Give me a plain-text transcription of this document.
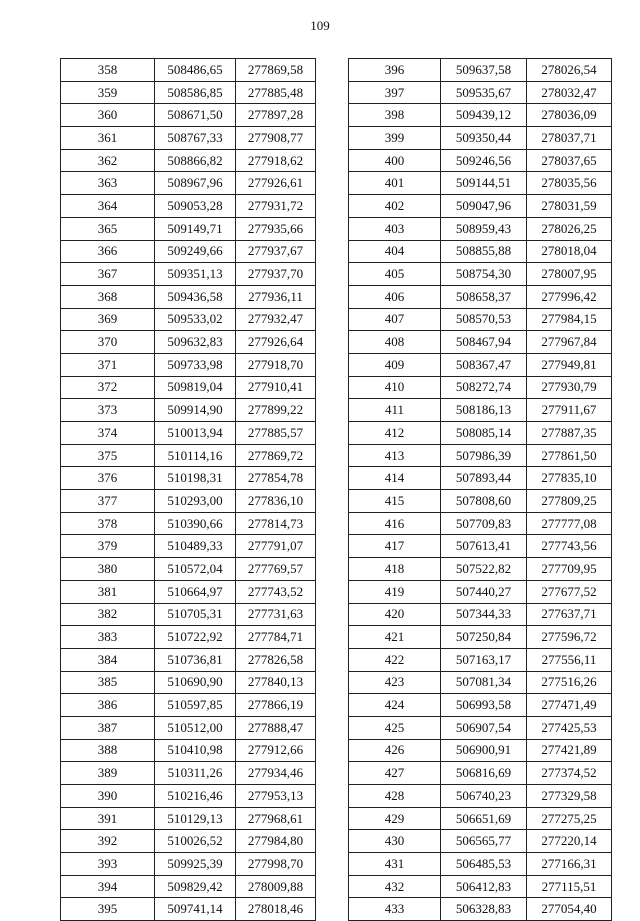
109
358	508486,65	277869,58
359	508586,85	277885,48
360	508671,50	277897,28
361	508767,33	277908,77
362	508866,82	277918,62
363	508967,96	277926,61
364	509053,28	277931,72
365	509149,71	277935,66
366	509249,66	277937,67
367	509351,13	277937,70
368	509436,58	277936,11
369	509533,02	277932,47
370	509632,83	277926,64
371	509733,98	277918,70
372	509819,04	277910,41
373	509914,90	277899,22
374	510013,94	277885,57
375	510114,16	277869,72
376	510198,31	277854,78
377	510293,00	277836,10
378	510390,66	277814,73
379	510489,33	277791,07
380	510572,04	277769,57
381	510664,97	277743,52
382	510705,31	277731,63
383	510722,92	277784,71
384	510736,81	277826,58
385	510690,90	277840,13
386	510597,85	277866,19
387	510512,00	277888,47
388	510410,98	277912,66
389	510311,26	277934,46
390	510216,46	277953,13
391	510129,13	277968,61
392	510026,52	277984,80
393	509925,39	277998,70
394	509829,42	278009,88
395	509741,14	278018,46
396	509637,58	278026,54
397	509535,67	278032,47
398	509439,12	278036,09
399	509350,44	278037,71
400	509246,56	278037,65
401	509144,51	278035,56
402	509047,96	278031,59
403	508959,43	278026,25
404	508855,88	278018,04
405	508754,30	278007,95
406	508658,37	277996,42
407	508570,53	277984,15
408	508467,94	277967,84
409	508367,47	277949,81
410	508272,74	277930,79
411	508186,13	277911,67
412	508085,14	277887,35
413	507986,39	277861,50
414	507893,44	277835,10
415	507808,60	277809,25
416	507709,83	277777,08
417	507613,41	277743,56
418	507522,82	277709,95
419	507440,27	277677,52
420	507344,33	277637,71
421	507250,84	277596,72
422	507163,17	277556,11
423	507081,34	277516,26
424	506993,58	277471,49
425	506907,54	277425,53
426	506900,91	277421,89
427	506816,69	277374,52
428	506740,23	277329,58
429	506651,69	277275,25
430	506565,77	277220,14
431	506485,53	277166,31
432	506412,83	277115,51
433	506328,83	277054,40
